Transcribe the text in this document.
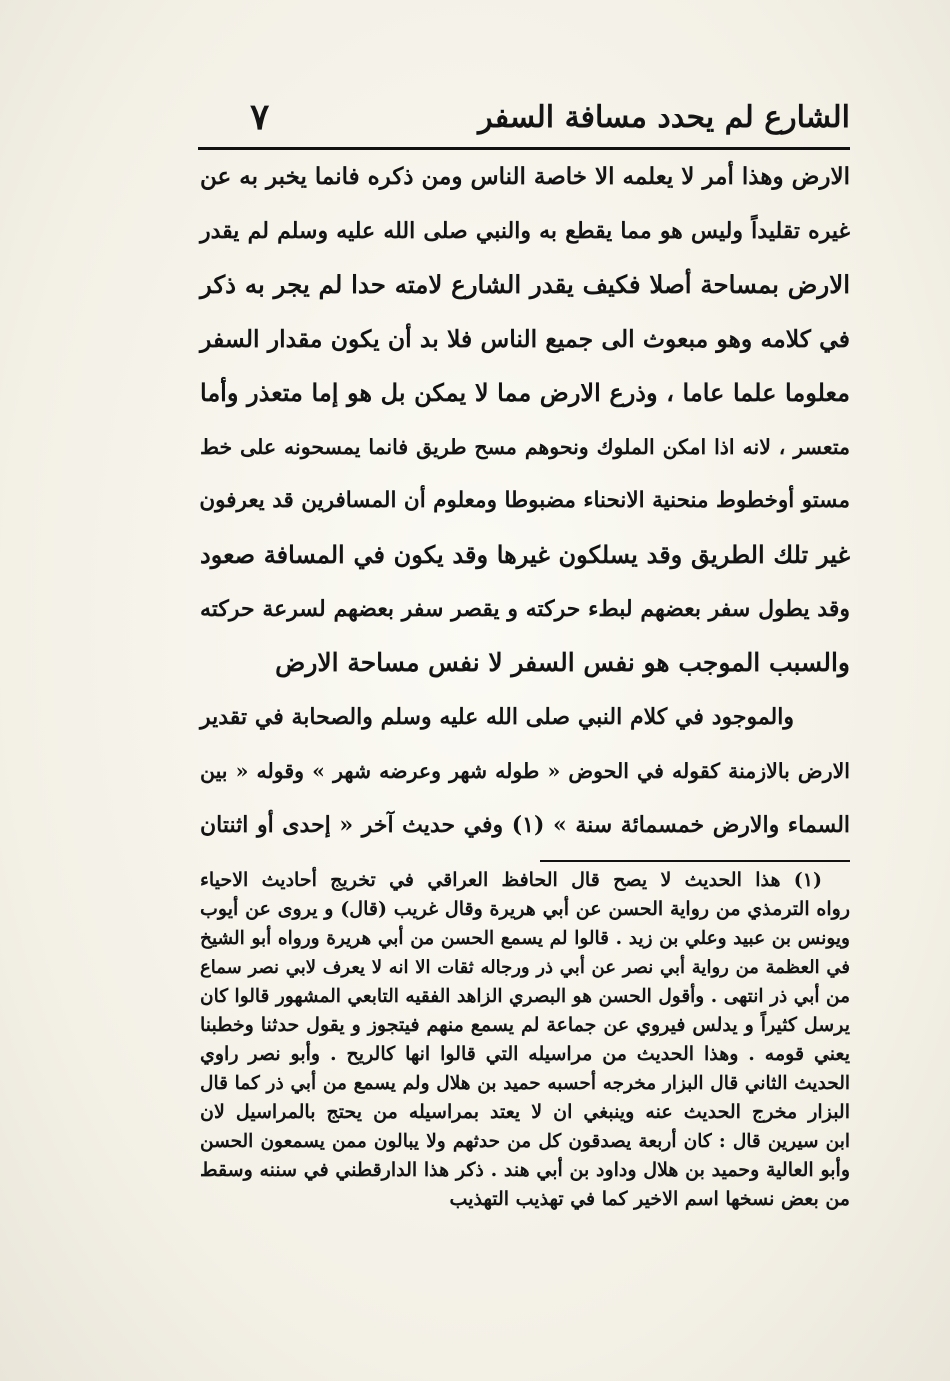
الشارع لم يحدد مسافة السفر
٧
الارض وهذا أمر لا يعلمه الا خاصة الناس ومن ذكره فانما يخبر به عن
غيره تقليداً وليس هو مما يقطع به والنبي صلى الله عليه وسلم لم يقدر
الارض بمساحة أصلا فكيف يقدر الشارع لامته حدا لم يجر به ذكر
في كلامه وهو مبعوث الى جميع الناس فلا بد أن يكون مقدار السفر
معلوما علما عاما ، وذرع الارض مما لا يمكن بل هو إما متعذر وأما
متعسر ، لانه اذا امكن الملوك ونحوهم مسح طريق فانما يمسحونه على خط
مستو أوخطوط منحنية الانحناء مضبوطا ومعلوم أن المسافرين قد يعرفون
غير تلك الطريق وقد يسلكون غيرها وقد يكون في المسافة صعود
وقد يطول سفر بعضهم لبطء حركته و يقصر سفر بعضهم لسرعة حركته
والسبب الموجب هو نفس السفر لا نفس مساحة الارض
والموجود في كلام النبي صلى الله عليه وسلم والصحابة في تقدير
الارض بالازمنة كقوله في الحوض « طوله شهر وعرضه شهر » وقوله « بين
السماء والارض خمسمائة سنة » (١) وفي حديث آخر « إحدى أو اثنتان
(١) هذا الحديث لا يصح قال الحافظ العراقي في تخريج أحاديث الاحياء
رواه الترمذي من رواية الحسن عن أبي هريرة وقال غريب (قال) و يروى عن أيوب
ويونس بن عبيد وعلي بن زيد . قالوا لم يسمع الحسن من أبي هريرة ورواه أبو الشيخ
في العظمة من رواية أبي نصر عن أبي ذر ورجاله ثقات الا انه لا يعرف لابي نصر سماع
من أبي ذر انتهى . وأقول الحسن هو البصري الزاهد الفقيه التابعي المشهور قالوا كان
يرسل كثيراً و يدلس فيروي عن جماعة لم يسمع منهم فيتجوز و يقول حدثنا وخطبنا
يعني قومه . وهذا الحديث من مراسيله التي قالوا انها كالريح . وأبو نصر راوي
الحديث الثاني قال البزار مخرجه أحسبه حميد بن هلال ولم يسمع من أبي ذر كما قال
البزار مخرج الحديث عنه وينبغي ان لا يعتد بمراسيله من يحتج بالمراسيل لان
ابن سيرين قال : كان أربعة يصدقون كل من حدثهم ولا يبالون ممن يسمعون الحسن
وأبو العالية وحميد بن هلال وداود بن أبي هند . ذكر هذا الدارقطني في سننه وسقط
من بعض نسخها اسم الاخير كما في تهذيب التهذيب
